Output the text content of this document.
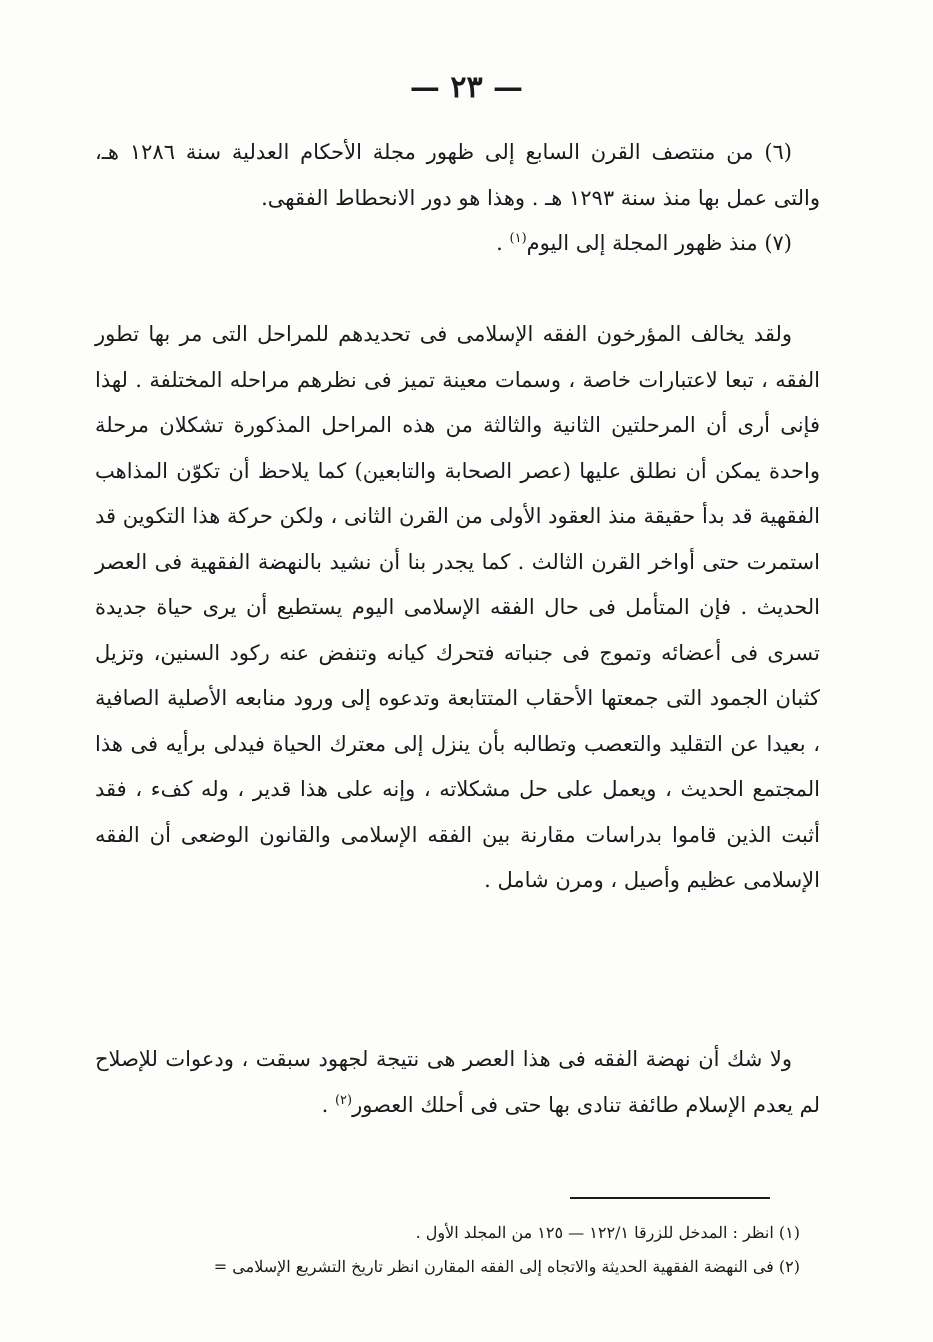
— ٢٣ —

(٦) من منتصف القرن السابع إلى ظهور مجلة الأحكام العدلية سنة ١٢٨٦ هـ، والتى عمل بها منذ سنة ١٢٩٣ هـ . وهذا هو دور الانحطاط الفقهى.

(٧) منذ ظهور المجلة إلى اليوم$^{(١)}$ .

ولقد يخالف المؤرخون الفقه الإسلامى فى تحديدهم للمراحل التى مر بها تطور الفقه ، تبعا لاعتبارات خاصة ، وسمات معينة تميز فى نظرهم مراحله المختلفة . لهذا فإنى أرى أن المرحلتين الثانية والثالثة من هذه المراحل المذكورة تشكلان مرحلة واحدة يمكن أن نطلق عليها (عصر الصحابة والتابعين) كما يلاحظ أن تكوّن المذاهب الفقهية قد بدأ حقيقة منذ العقود الأولى من القرن الثانى ، ولكن حركة هذا التكوين قد استمرت حتى أواخر القرن الثالث . كما يجدر بنا أن نشيد بالنهضة الفقهية فى العصر الحديث . فإن المتأمل فى حال الفقه الإسلامى اليوم يستطيع أن يرى حياة جديدة تسرى فى أعضائه وتموج فى جنباته فتحرك كيانه وتنفض عنه ركود السنين، وتزيل كثبان الجمود التى جمعتها الأحقاب المتتابعة وتدعوه إلى ورود منابعه الأصلية الصافية ، بعيدا عن التقليد والتعصب وتطالبه بأن ينزل إلى معترك الحياة فيدلى برأيه فى هذا المجتمع الحديث ، ويعمل على حل مشكلاته ، وإنه على هذا قدير ، وله كفء ، فقد أثبت الذين قاموا بدراسات مقارنة بين الفقه الإسلامى والقانون الوضعى أن الفقه الإسلامى عظيم وأصيل ، ومرن شامل .

ولا شك أن نهضة الفقه فى هذا العصر هى نتيجة لجهود سبقت ، ودعوات للإصلاح لم يعدم الإسلام طائفة تنادى بها حتى فى أحلك العصور$^{(٢)}$ .

(١) انظر : المدخل للزرقا ١٢٢/١ — ١٢٥ من المجلد الأول .

(٢) فى النهضة الفقهية الحديثة والاتجاه إلى الفقه المقارن انظر تاريخ التشريع الإسلامى =
